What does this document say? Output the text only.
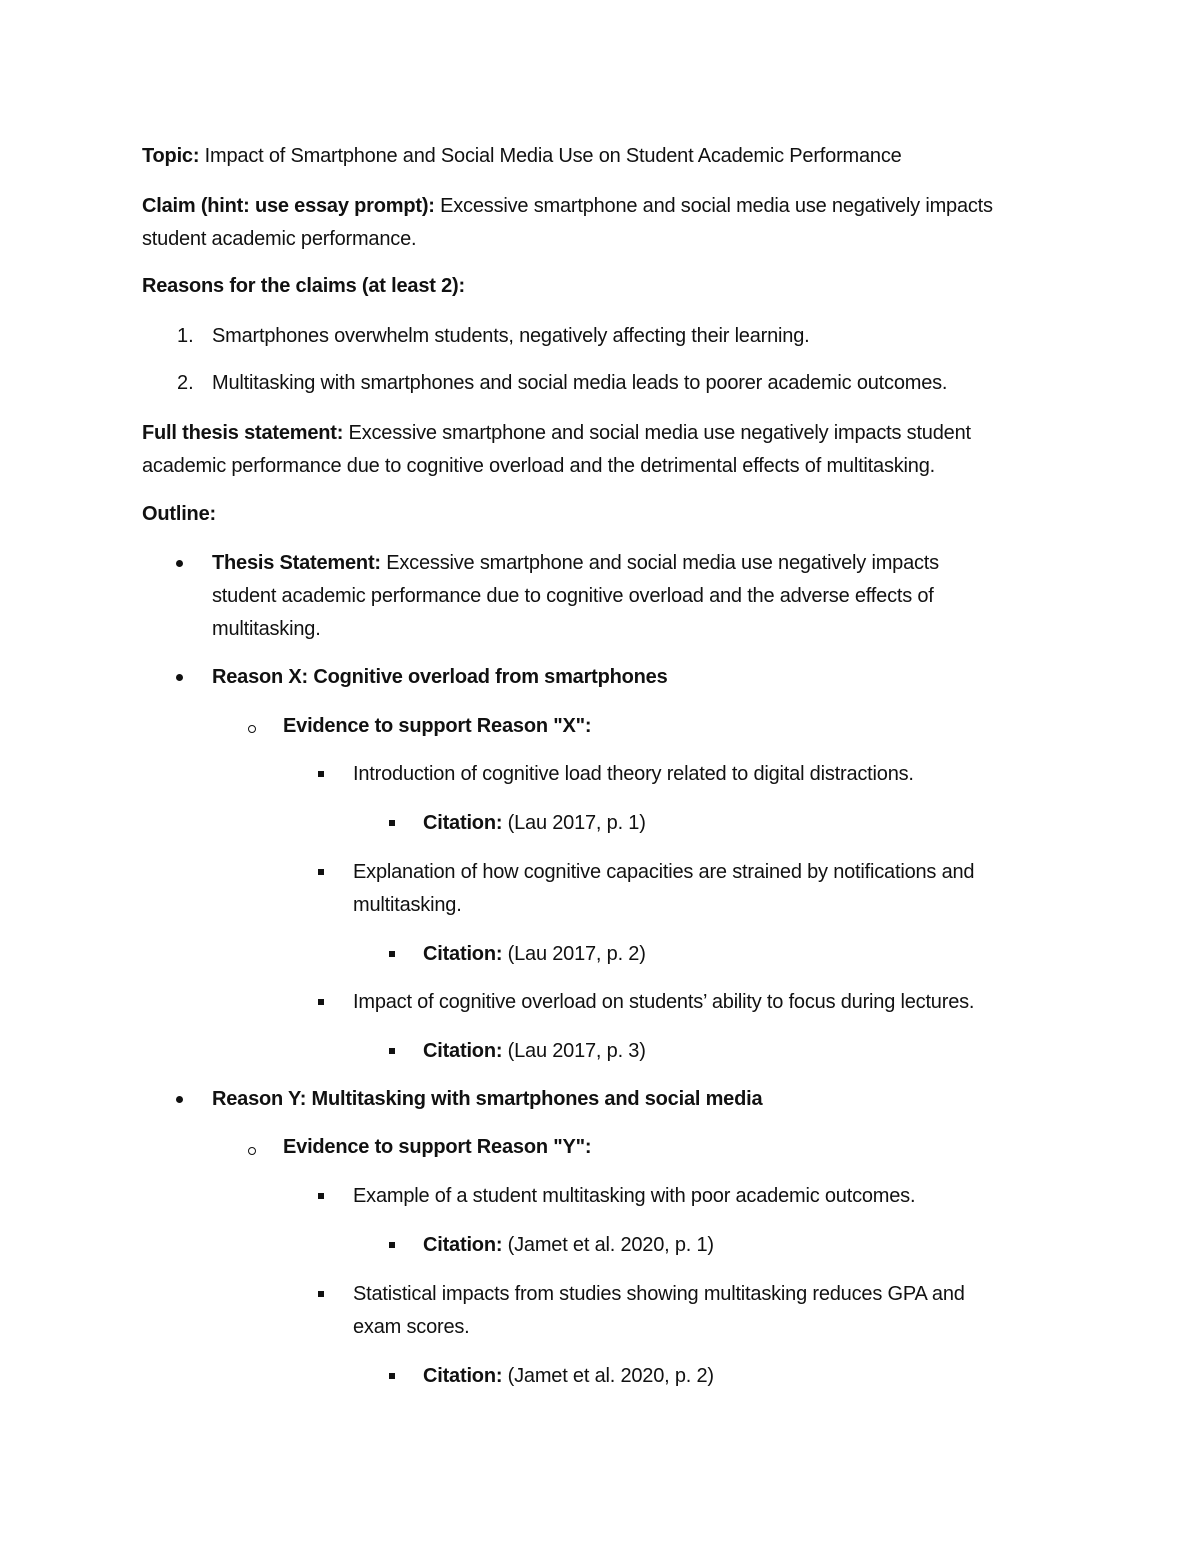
Topic: Impact of Smartphone and Social Media Use on Student Academic Performance
Claim (hint: use essay prompt): Excessive smartphone and social media use negatively impacts
student academic performance.
Reasons for the claims (at least 2):
1. Smartphones overwhelm students, negatively affecting their learning.
2. Multitasking with smartphones and social media leads to poorer academic outcomes.
Full thesis statement: Excessive smartphone and social media use negatively impacts student
academic performance due to cognitive overload and the detrimental effects of multitasking.
Outline:
Thesis Statement: Excessive smartphone and social media use negatively impacts
student academic performance due to cognitive overload and the adverse effects of
multitasking.
Reason X: Cognitive overload from smartphones
Evidence to support Reason "X":
Introduction of cognitive load theory related to digital distractions.
Citation: (Lau 2017, p. 1)
Explanation of how cognitive capacities are strained by notifications and
multitasking.
Citation: (Lau 2017, p. 2)
Impact of cognitive overload on students’ ability to focus during lectures.
Citation: (Lau 2017, p. 3)
Reason Y: Multitasking with smartphones and social media
Evidence to support Reason "Y":
Example of a student multitasking with poor academic outcomes.
Citation: (Jamet et al. 2020, p. 1)
Statistical impacts from studies showing multitasking reduces GPA and
exam scores.
Citation: (Jamet et al. 2020, p. 2)
